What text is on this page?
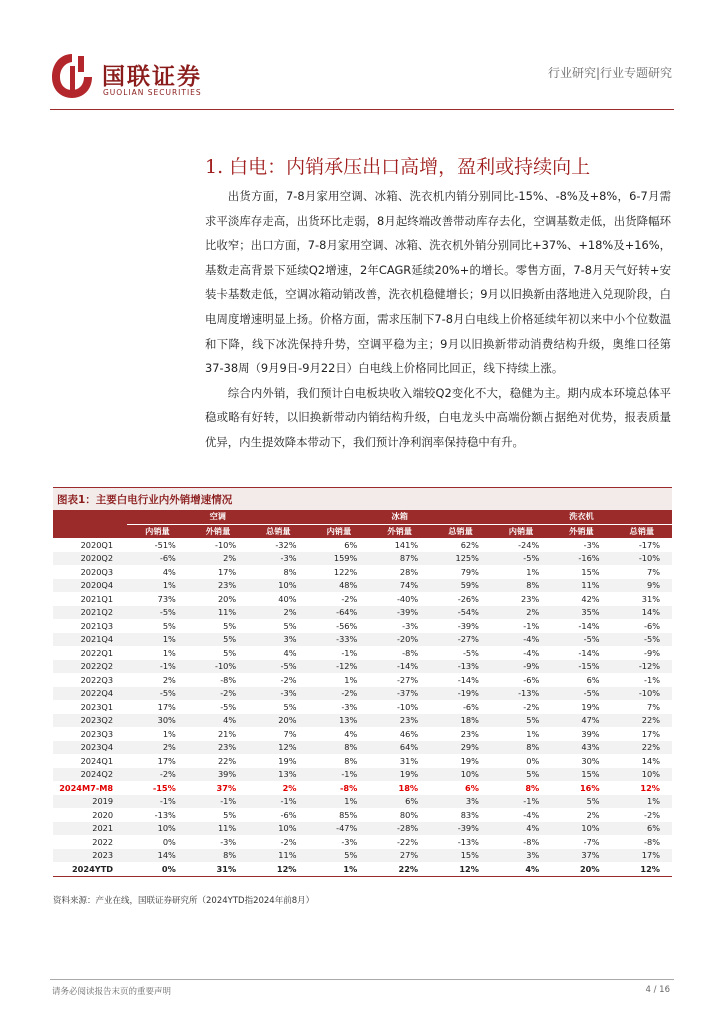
国联证券
GUOLIAN SECURITIES
行业研究|行业专题研究
1. 白电：内销承压出口高增，盈利或持续向上

出货方面，7-8月家用空调、冰箱、洗衣机内销分别同比-15%、-8%及+8%，6-7月需求平淡库存走高，出货环比走弱，8月起终端改善带动库存去化，空调基数走低，出货降幅环比收窄；出口方面，7-8月家用空调、冰箱、洗衣机外销分别同比+37%、+18%及+16%，基数走高背景下延续Q2增速，2年CAGR延续20%+的增长。零售方面，7-8月天气好转+安装卡基数走低，空调冰箱动销改善，洗衣机稳健增长；9月以旧换新由落地进入兑现阶段，白电周度增速明显上扬。价格方面，需求压制下7-8月白电线上价格延续年初以来中小个位数温和下降，线下冰洗保持升势，空调平稳为主；9月以旧换新带动消费结构升级，奥维口径第37-38周（9月9日-9月22日）白电线上价格同比回正，线下持续上涨。

综合内外销，我们预计白电板块收入端较Q2变化不大，稳健为主。期内成本环境总体平稳或略有好转，以旧换新带动内销结构升级，白电龙头中高端份额占据绝对优势，报表质量优异，内生提效降本带动下，我们预计净利润率保持稳中有升。

图表1：主要白电行业内外销增速情况
	空调			冰箱			洗衣机		
	内销量	外销量	总销量	内销量	外销量	总销量	内销量	外销量	总销量
2020Q1	-51%	-10%	-32%	6%	141%	62%	-24%	-3%	-17%
2020Q2	-6%	2%	-3%	159%	87%	125%	-5%	-16%	-10%
2020Q3	4%	17%	8%	122%	28%	79%	1%	15%	7%
2020Q4	1%	23%	10%	48%	74%	59%	8%	11%	9%
2021Q1	73%	20%	40%	-2%	-40%	-26%	23%	42%	31%
2021Q2	-5%	11%	2%	-64%	-39%	-54%	2%	35%	14%
2021Q3	5%	5%	5%	-56%	-3%	-39%	-1%	-14%	-6%
2021Q4	1%	5%	3%	-33%	-20%	-27%	-4%	-5%	-5%
2022Q1	1%	5%	4%	-1%	-8%	-5%	-4%	-14%	-9%
2022Q2	-1%	-10%	-5%	-12%	-14%	-13%	-9%	-15%	-12%
2022Q3	2%	-8%	-2%	1%	-27%	-14%	-6%	6%	-1%
2022Q4	-5%	-2%	-3%	-2%	-37%	-19%	-13%	-5%	-10%
2023Q1	17%	-5%	5%	-3%	-10%	-6%	-2%	19%	7%
2023Q2	30%	4%	20%	13%	23%	18%	5%	47%	22%
2023Q3	1%	21%	7%	4%	46%	23%	1%	39%	17%
2023Q4	2%	23%	12%	8%	64%	29%	8%	43%	22%
2024Q1	17%	22%	19%	8%	31%	19%	0%	30%	14%
2024Q2	-2%	39%	13%	-1%	19%	10%	5%	15%	10%
2024M7-M8	-15%	37%	2%	-8%	18%	6%	8%	16%	12%
2019	-1%	-1%	-1%	1%	6%	3%	-1%	5%	1%
2020	-13%	5%	-6%	85%	80%	83%	-4%	2%	-2%
2021	10%	11%	10%	-47%	-28%	-39%	4%	10%	6%
2022	0%	-3%	-2%	-3%	-22%	-13%	-8%	-7%	-8%
2023	14%	8%	11%	5%	27%	15%	3%	37%	17%
2024YTD	0%	31%	12%	1%	22%	12%	4%	20%	12%
资料来源：产业在线，国联证券研究所（2024YTD指2024年前8月）
请务必阅读报告末页的重要声明	4 / 16
